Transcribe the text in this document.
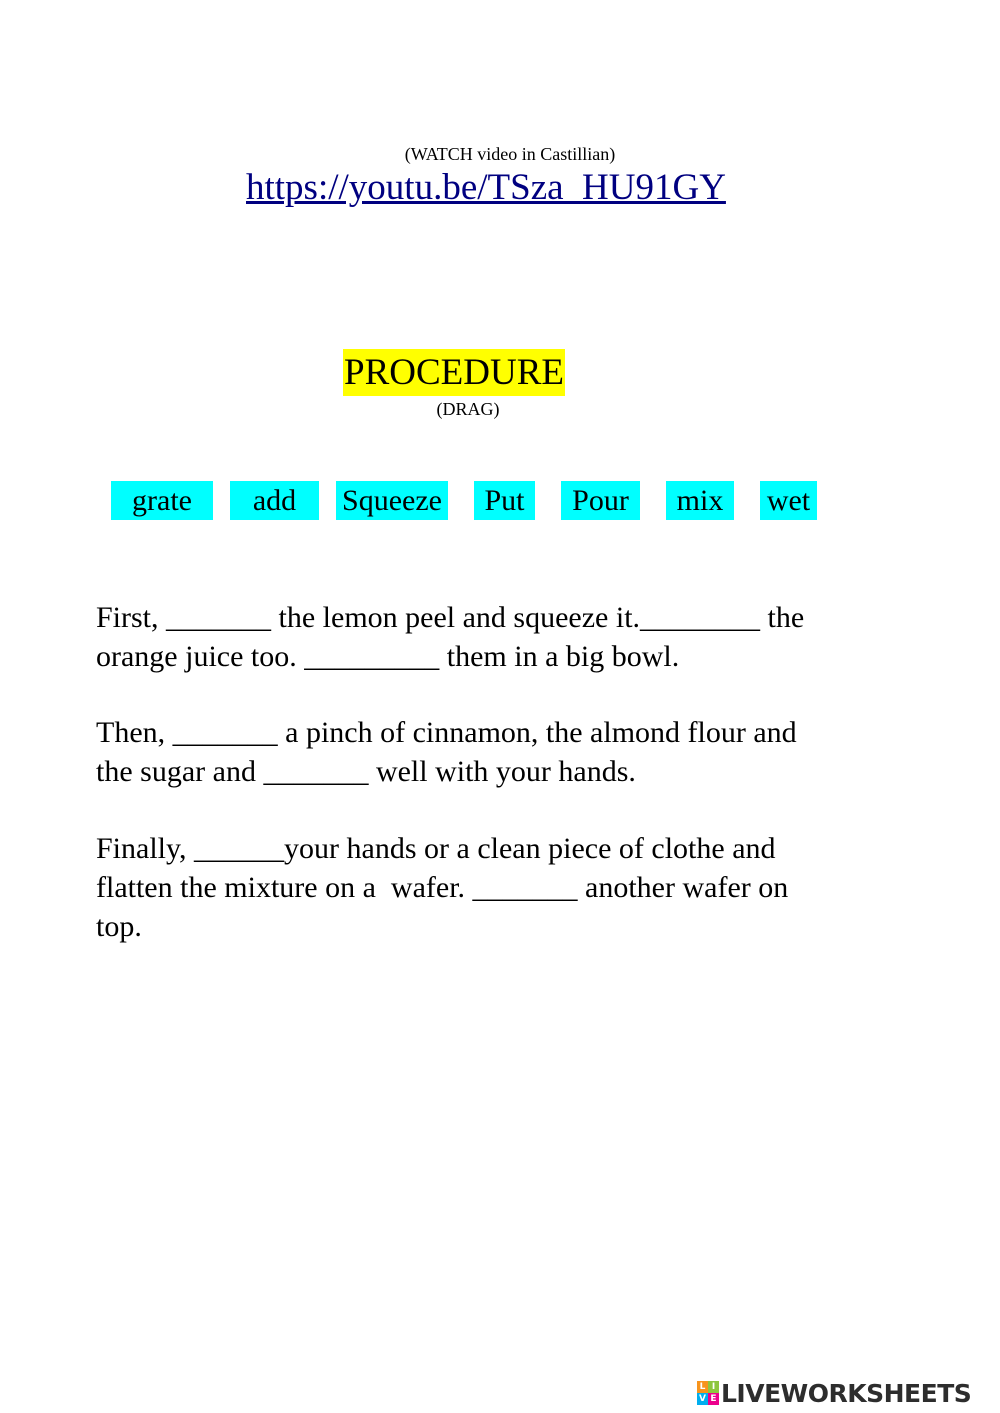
(WATCH video in Castillian)
https://youtu.be/TSza_HU91GY
PROCEDURE
(DRAG)
grate	add	Squeeze	Put	Pour	mix	wet

First, _______ the lemon peel and squeeze it.________ the
orange juice too. _________ them in a big bowl.

Then, _______ a pinch of cinnamon, the almond flour and
the sugar and _______ well with your hands.

Finally, ______your hands or a clean piece of clothe and
flatten the mixture on a  wafer. _______ another wafer on
top.

L I
V E LIVEWORKSHEETS
